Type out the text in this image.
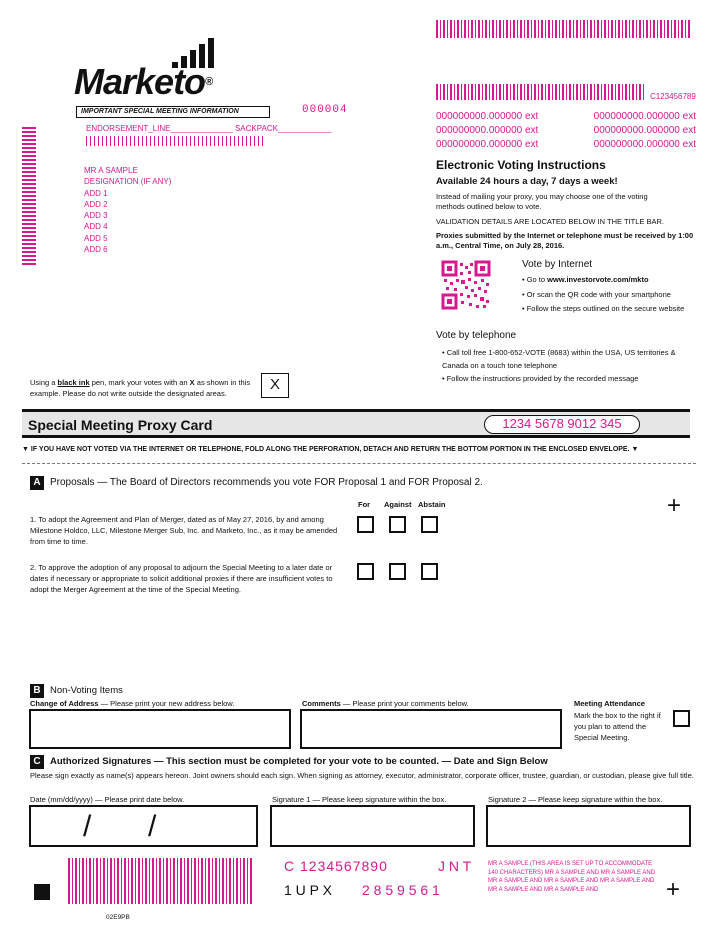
Marketo®
IMPORTANT SPECIAL MEETING INFORMATION	000004
ENDORSEMENT_LINE______________ SACKPACK____________
MR A SAMPLE
DESIGNATION (IF ANY)
ADD 1
ADD 2
ADD 3
ADD 4
ADD 5
ADD 6
C123456789
000000000.000000 ext	000000000.000000 ext
000000000.000000 ext	000000000.000000 ext
000000000.000000 ext	000000000.000000 ext
Electronic Voting Instructions
Available 24 hours a day, 7 days a week!
Instead of mailing your proxy, you may choose one of the voting methods outlined below to vote.
VALIDATION DETAILS ARE LOCATED BELOW IN THE TITLE BAR.
Proxies submitted by the Internet or telephone must be received by 1:00 a.m., Central Time, on July 28, 2016.
Vote by Internet
• Go to www.investorvote.com/mkto
• Or scan the QR code with your smartphone
• Follow the steps outlined on the secure website
Vote by telephone
• Call toll free 1-800-652-VOTE (8683) within the USA, US territories & Canada on a touch tone telephone
• Follow the instructions provided by the recorded message
Using a black ink pen, mark your votes with an X as shown in this example. Please do not write outside the designated areas.
X
Special Meeting Proxy Card	1234 5678 9012 345
▼ IF YOU HAVE NOT VOTED VIA THE INTERNET OR TELEPHONE, FOLD ALONG THE PERFORATION, DETACH AND RETURN THE BOTTOM PORTION IN THE ENCLOSED ENVELOPE. ▼
A Proposals — The Board of Directors recommends you vote FOR Proposal 1 and FOR Proposal 2.
For Against Abstain	+
1. To adopt the Agreement and Plan of Merger, dated as of May 27, 2016, by and among Milestone Holdco, LLC, Milestone Merger Sub, Inc. and Marketo, Inc., as it may be amended from time to time.
2. To approve the adoption of any proposal to adjourn the Special Meeting to a later date or dates if necessary or appropriate to solicit additional proxies if there are insufficient votes to adopt the Merger Agreement at the time of the Special Meeting.
B Non-Voting Items
Change of Address — Please print your new address below.	Comments — Please print your comments below.	Meeting Attendance
Mark the box to the right if you plan to attend the Special Meeting.
C Authorized Signatures — This section must be completed for your vote to be counted. — Date and Sign Below
Please sign exactly as name(s) appears hereon. Joint owners should each sign. When signing as attorney, executor, administrator, corporate officer, trustee, guardian, or custodian, please give full title.
Date (mm/dd/yyyy) — Please print date below.
/ /
Signature 1 — Please keep signature within the box.	Signature 2 — Please keep signature within the box.
C 1234567890	J N T
1 U P X 2 8 5 9 5 6 1
MR A SAMPLE (THIS AREA IS SET UP TO ACCOMMODATE 140 CHARACTERS) MR A SAMPLE AND MR A SAMPLE AND MR A SAMPLE AND MR A SAMPLE AND MR A SAMPLE AND MR A SAMPLE AND MR A SAMPLE AND	+
02E9PB
